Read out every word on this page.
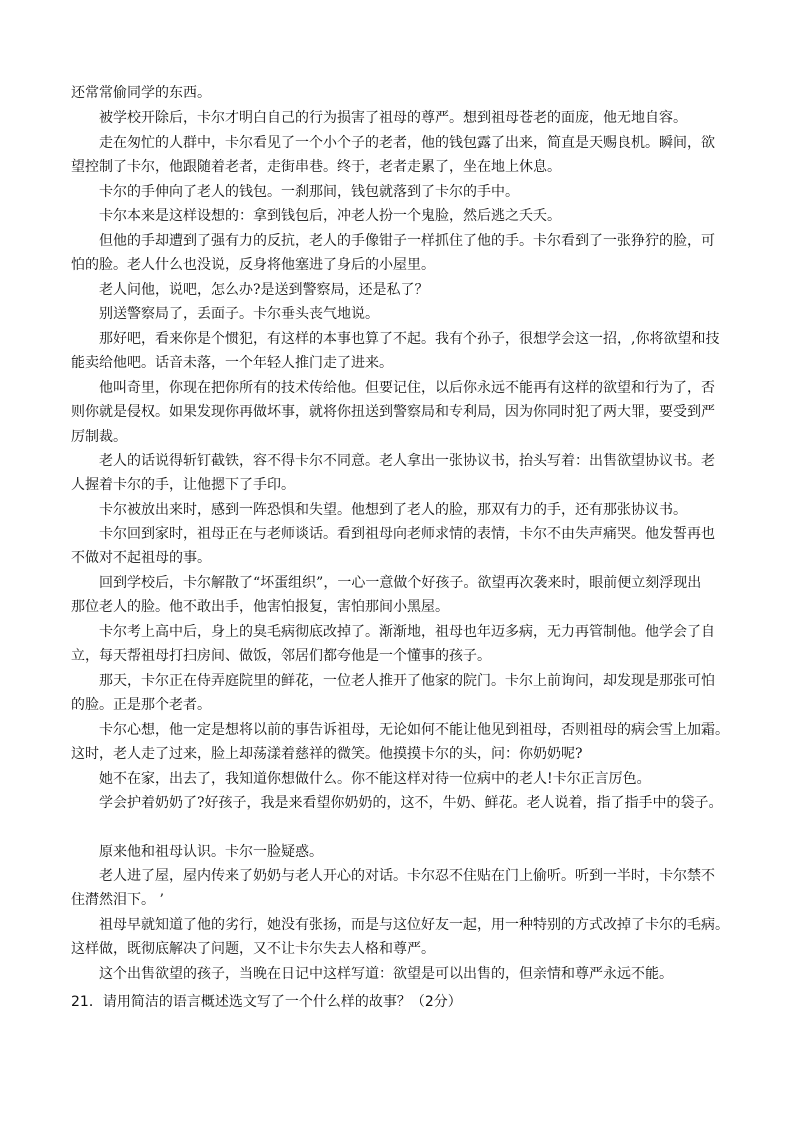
还常常偷同学的东西。
被学校开除后，卡尔才明白自己的行为损害了祖母的尊严。想到祖母苍老的面庞，他无地自容。
走在匆忙的人群中，卡尔看见了一个小个子的老者，他的钱包露了出来，简直是天赐良机。瞬间，欲
望控制了卡尔，他跟随着老者，走街串巷。终于，老者走累了，坐在地上休息。
卡尔的手伸向了老人的钱包。一刹那间，钱包就落到了卡尔的手中。
卡尔本来是这样设想的：拿到钱包后，冲老人扮一个鬼脸，然后逃之夭夭。
但他的手却遭到了强有力的反抗，老人的手像钳子一样抓住了他的手。卡尔看到了一张狰狞的脸，可
怕的脸。老人什么也没说，反身将他塞进了身后的小屋里。
老人问他，说吧，怎么办?是送到警察局，还是私了？
别送警察局了，丢面子。卡尔垂头丧气地说。
那好吧，看来你是个惯犯，有这样的本事也算了不起。我有个孙子，很想学会这一招，,你将欲望和技
能卖给他吧。话音未落，一个年轻人推门走了进来。
他叫奇里，你现在把你所有的技术传给他。但要记住，以后你永远不能再有这样的欲望和行为了，否
则你就是侵权。如果发现你再做坏事，就将你扭送到警察局和专利局，因为你同时犯了两大罪，要受到严
厉制裁。
老人的话说得斩钉截铁，容不得卡尔不同意。老人拿出一张协议书，抬头写着：出售欲望协议书。老
人握着卡尔的手，让他摁下了手印。
卡尔被放出来时，感到一阵恐惧和失望。他想到了老人的脸，那双有力的手，还有那张协议书。
卡尔回到家时，祖母正在与老师谈话。看到祖母向老师求情的表情，卡尔不由失声痛哭。他发誓再也
不做对不起祖母的事。
回到学校后，卡尔解散了“坏蛋组织”，一心一意做个好孩子。欲望再次袭来时，眼前便立刻浮现出
那位老人的脸。他不敢出手，他害怕报复，害怕那间小黑屋。
卡尔考上高中后，身上的臭毛病彻底改掉了。渐渐地，祖母也年迈多病，无力再管制他。他学会了自
立，每天帮祖母打扫房间、做饭，邻居们都夸他是一个懂事的孩子。
那天，卡尔正在侍弄庭院里的鲜花，一位老人推开了他家的院门。卡尔上前询问，却发现是那张可怕
的脸。正是那个老者。
卡尔心想，他一定是想将以前的事告诉祖母，无论如何不能让他见到祖母，否则祖母的病会雪上加霜。
这时，老人走了过来，脸上却荡漾着慈祥的微笑。他摸摸卡尔的头，问：你奶奶呢?
她不在家，出去了，我知道你想做什么。你不能这样对待一位病中的老人!卡尔正言厉色。
学会护着奶奶了?好孩子，我是来看望你奶奶的，这不，牛奶、鲜花。老人说着，指了指手中的袋子。
原来他和祖母认识。卡尔一脸疑惑。
老人进了屋，屋内传来了奶奶与老人开心的对话。卡尔忍不住贴在门上偷听。听到一半时，卡尔禁不
住潸然泪下。 ’
祖母早就知道了他的劣行，她没有张扬，而是与这位好友一起，用一种特别的方式改掉了卡尔的毛病。
这样做，既彻底解决了问题，又不让卡尔失去人格和尊严。
这个出售欲望的孩子，当晚在日记中这样写道：欲望是可以出售的，但亲情和尊严永远不能。
21．请用简洁的语言概述选文写了一个什么样的故事？（2分）
